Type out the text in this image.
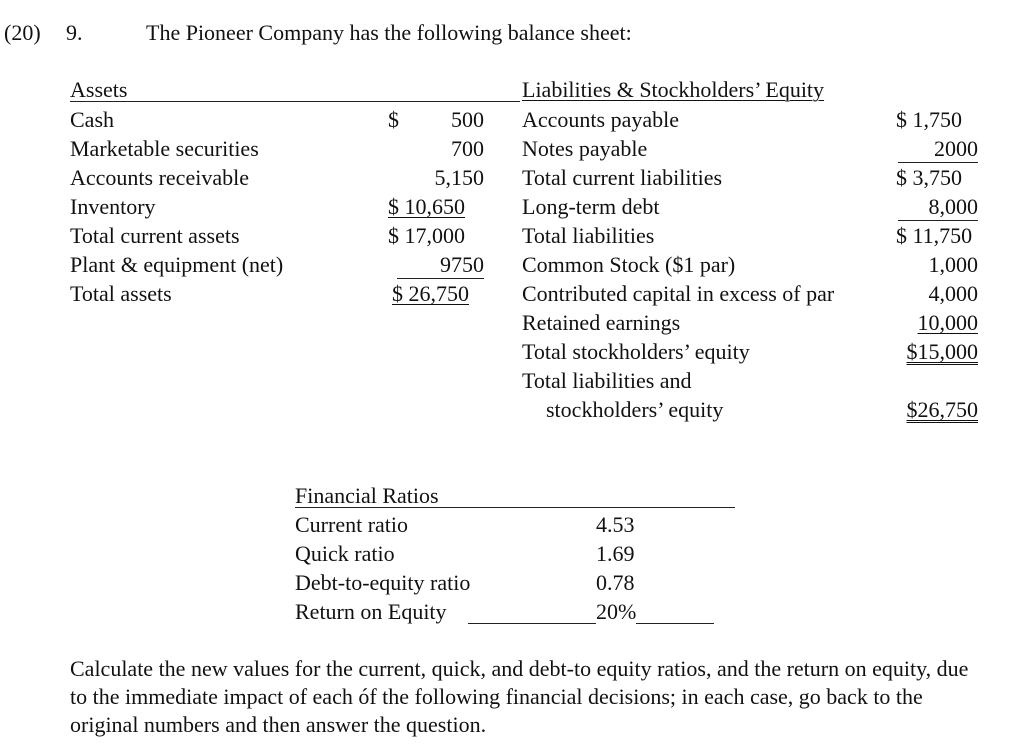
(20) 9.	The Pioneer Company has the following balance sheet:
Assets	Liabilities & Stockholders’ Equity
$
Cash	500
Marketable securities	700
Accounts receivable	5,150
Inventory	$ 10,650
Total current assets	$ 17,000
Plant & equipment (net)	9750
Total assets	$ 26,750
Accounts payable	$ 1,750
Notes payable	2000
Total current liabilities	$ 3,750
Long-term debt	8,000
Total liabilities	$ 11,750
Common Stock ($1 par)	1,000
Contributed capital in excess of par	4,000
Retained earnings	10,000
Total stockholders’ equity	$15,000
Total liabilities and
stockholders’ equity	$26,750
Financial Ratios
Current ratio	4.53
Quick ratio	1.69
Debt-to-equity ratio	0.78
Return on Equity	20%
Calculate the new values for the current, quick, and debt-to equity ratios, and the return on equity, due to the immediate impact of each óf the following financial decisions; in each case, go back to the original numbers and then answer the question.
